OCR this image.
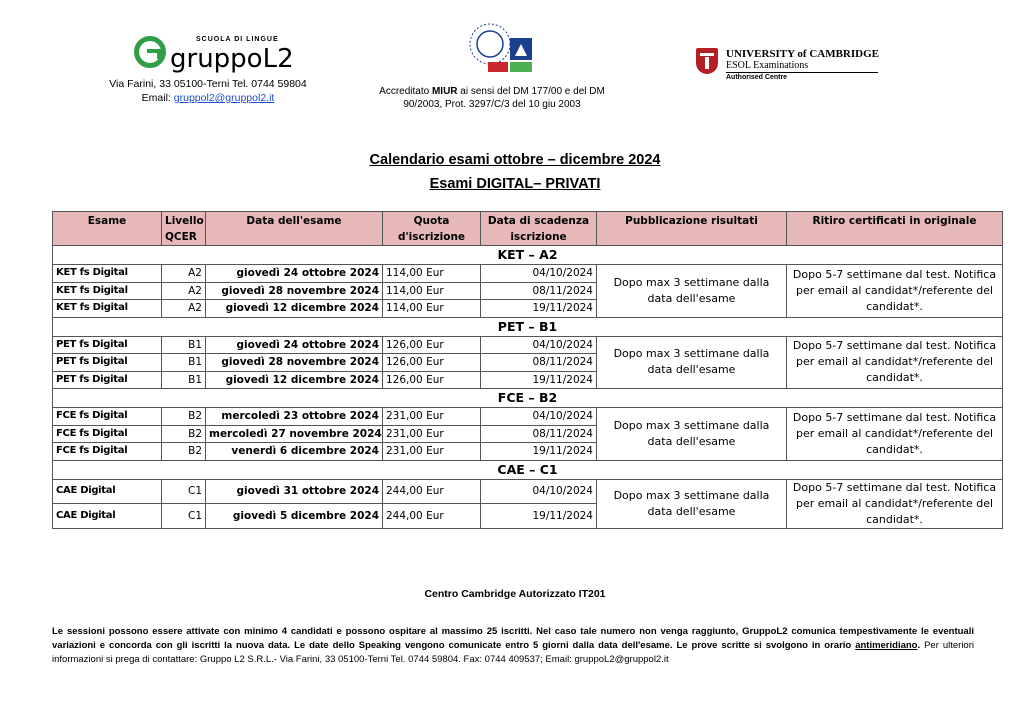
SCUOLA DI LINGUE
gruppoL2
Via Farini, 33 05100-Terni Tel. 0744 59804
Email: gruppol2@gruppol2.it
Accreditato MIUR ai sensi del DM 177/00 e del DM 90/2003, Prot. 3297/C/3 del 10 giu 2003
UNIVERSITY of CAMBRIDGE
ESOL Examinations
Authorised Centre
Calendario esami ottobre – dicembre 2024
Esami DIGITAL– PRIVATI
Esame	Livello QCER	Data dell'esame	Quota d'iscrizione	Data di scadenza iscrizione	Pubblicazione risultati	Ritiro certificati in originale
KET – A2						
KET fs Digital	A2	giovedì 24 ottobre 2024	114,00 Eur	04/10/2024	Dopo max 3 settimane dalla data dell'esame	Dopo 5-7 settimane dal test. Notifica per email al candidat*/referente del candidat*.
KET fs Digital	A2	giovedì 28 novembre 2024	114,00 Eur	08/11/2024		
KET fs Digital	A2	giovedì 12 dicembre 2024	114,00 Eur	19/11/2024		
PET – B1						
PET fs Digital	B1	giovedì 24 ottobre 2024	126,00 Eur	04/10/2024	Dopo max 3 settimane dalla data dell'esame	Dopo 5-7 settimane dal test. Notifica per email al candidat*/referente del candidat*.
PET fs Digital	B1	giovedì 28 novembre 2024	126,00 Eur	08/11/2024		
PET fs Digital	B1	giovedì 12 dicembre 2024	126,00 Eur	19/11/2024		
FCE – B2						
FCE fs Digital	B2	mercoledì 23 ottobre 2024	231,00 Eur	04/10/2024	Dopo max 3 settimane dalla data dell'esame	Dopo 5-7 settimane dal test. Notifica per email al candidat*/referente del candidat*.
FCE fs Digital	B2	mercoledì 27 novembre 2024	231,00 Eur	08/11/2024		
FCE fs Digital	B2	venerdì 6 dicembre 2024	231,00 Eur	19/11/2024		
CAE – C1						
CAE Digital	C1	giovedì 31 ottobre 2024	244,00 Eur	04/10/2024	Dopo max 3 settimane dalla data dell'esame	Dopo 5-7 settimane dal test. Notifica per email al candidat*/referente del candidat*.
CAE Digital	C1	giovedì 5 dicembre 2024	244,00 Eur	19/11/2024		
Centro Cambridge Autorizzato IT201
Le sessioni possono essere attivate con minimo 4 candidati e possono ospitare al massimo 25 iscritti. Nel caso tale numero non venga raggiunto, GruppoL2 comunica tempestivamente le eventuali variazioni e concorda con gli iscritti la nuova data. Le date dello Speaking vengono comunicate entro 5 giorni dalla data dell'esame. Le prove scritte si svolgono in orario antimeridiano. Per ulteriori informazioni si prega di contattare: Gruppo L2 S.R.L.- Via Farini, 33 05100-Terni Tel. 0744 59804. Fax: 0744 409537; Email: gruppoL2@gruppol2.it
